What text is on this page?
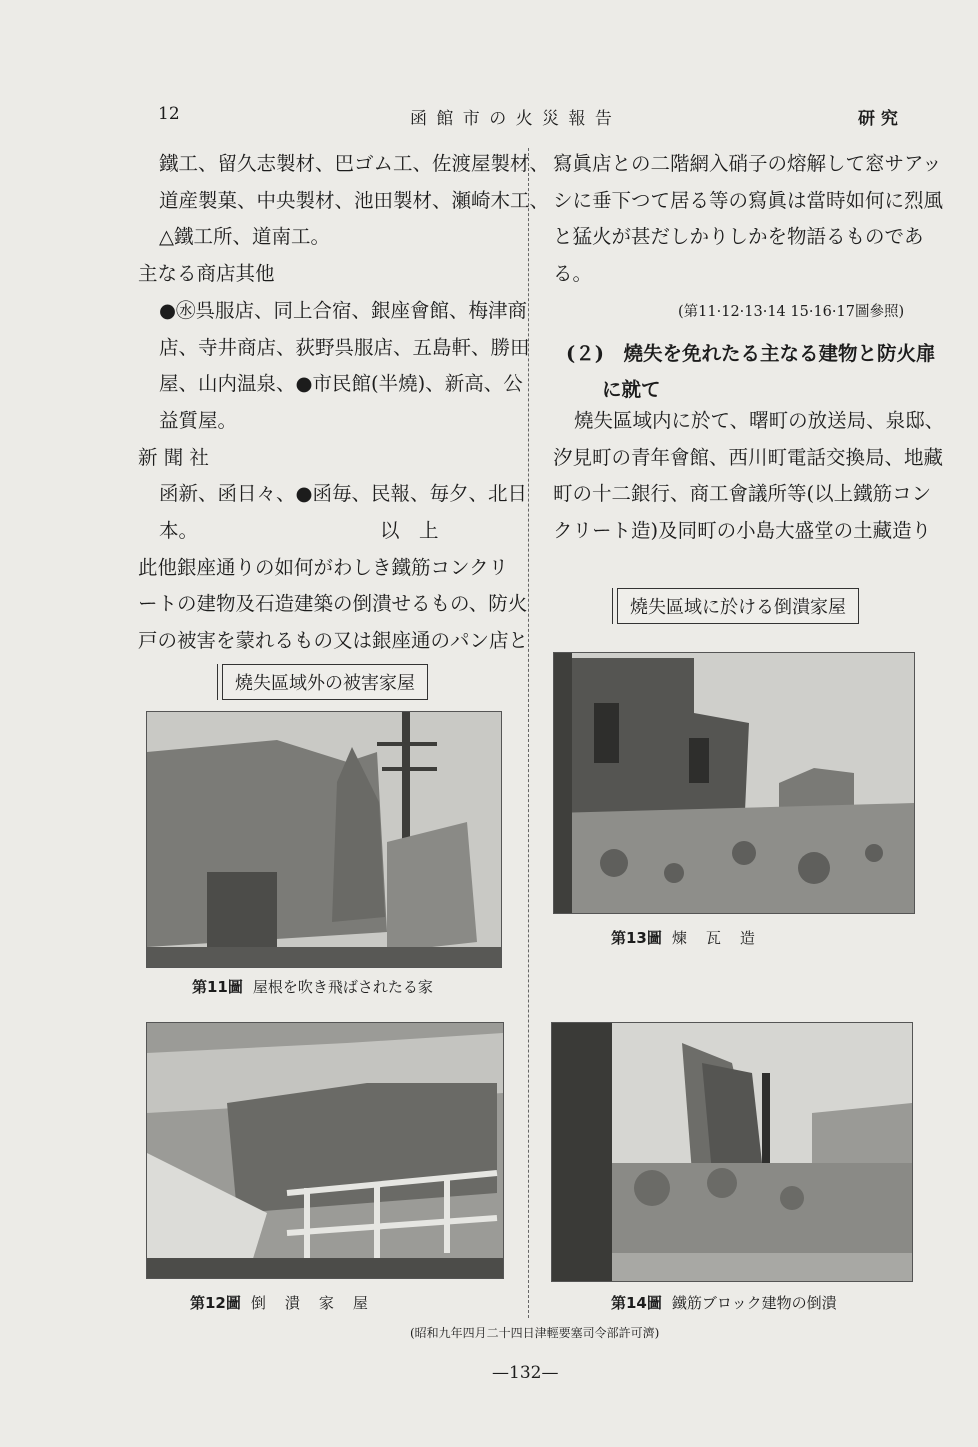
12	函 館 市 の 火 災 報 告	研 究
鐵工、留久志製材、巴ゴム工、佐渡屋製材、
道産製菓、中央製材、池田製材、瀬崎木工、
△鐵工所、道南工。
主なる商店其他
●㊌呉服店、同上合宿、銀座會館、梅津商
店、寺井商店、荻野呉服店、五島軒、勝田
屋、山内温泉、●市民館(半燒)、新高、公
益質屋。
新 聞 社
函新、函日々、●函毎、民報、毎夕、北日
本。	以　上
此他銀座通りの如何がわしき鐵筋コンクリ
ートの建物及石造建築の倒潰せるもの、防火
戸の被害を蒙れるもの又は銀座通のパン店と
燒失區域外の被害家屋
第11圖 屋根を吹き飛ばされたる家
第12圖 倒　潰　家　屋
寫眞店との二階網入硝子の熔解して窓サアッ
シに垂下つて居る等の寫眞は當時如何に烈風
と猛火が甚だしかりしかを物語るものであ
る。
(第11·12·13·14 15·16·17圖參照)
(２)　燒失を免れたる主なる建物と防火扉
に就て
燒失區域内に於て、曙町の放送局、泉邸、
汐見町の青年會館、西川町電話交換局、地藏
町の十二銀行、商工會議所等(以上鐵筋コン
クリート造)及同町の小島大盛堂の土藏造り
燒失區域に於ける倒潰家屋
第13圖 煉　瓦　造
第14圖 鐵筋ブロック建物の倒潰
(昭和九年四月二十四日津輕要塞司令部許可濟)
—132—
